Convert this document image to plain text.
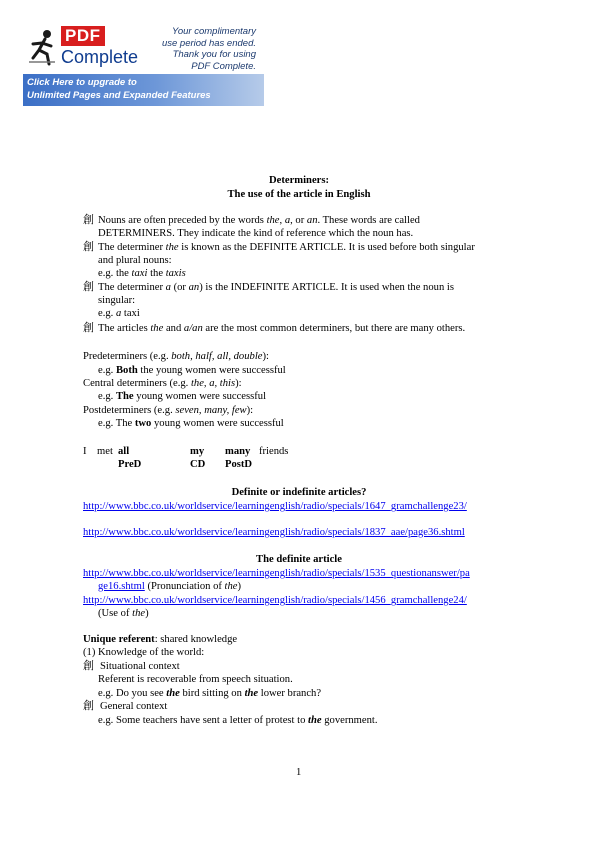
PDF
Complete
Your complimentary
use period has ended.
Thank you for using
PDF Complete.
Click Here to upgrade to
Unlimited Pages and Expanded Features
Determiners:
The use of the article in English
創 Nouns are often preceded by the words the, a, or an. These words are called
DETERMINERS. They indicate the kind of reference which the noun has.
創 The determiner the is known as the DEFINITE ARTICLE. It is used before both singular
and plural nouns:
e.g. the taxi the taxis
創 The determiner a (or an) is the INDEFINITE ARTICLE. It is used when the noun is
singular:
e.g. a taxi
創 The articles the and a/an are the most common determiners, but there are many others.
Predeterminers (e.g. both, half, all, double):
e.g. Both the young women were successful
Central determiners (e.g. the, a, this):
e.g. The young women were successful
Postdeterminers (e.g. seven, many, few):
e.g. The two young women were successful
I met all	my many friends
PreD	CD PostD
Definite or indefinite articles?
http://www.bbc.co.uk/worldservice/learningenglish/radio/specials/1647_gramchallenge23/
http://www.bbc.co.uk/worldservice/learningenglish/radio/specials/1837_aae/page36.shtml
The definite article
http://www.bbc.co.uk/worldservice/learningenglish/radio/specials/1535_questionanswer/pa
ge16.shtml (Pronunciation of the)
http://www.bbc.co.uk/worldservice/learningenglish/radio/specials/1456_gramchallenge24/
(Use of the)
Unique referent: shared knowledge
(1) Knowledge of the world:
創 Situational context
Referent is recoverable from speech situation.
e.g. Do you see the bird sitting on the lower branch?
創 General context
e.g. Some teachers have sent a letter of protest to the government.
1
